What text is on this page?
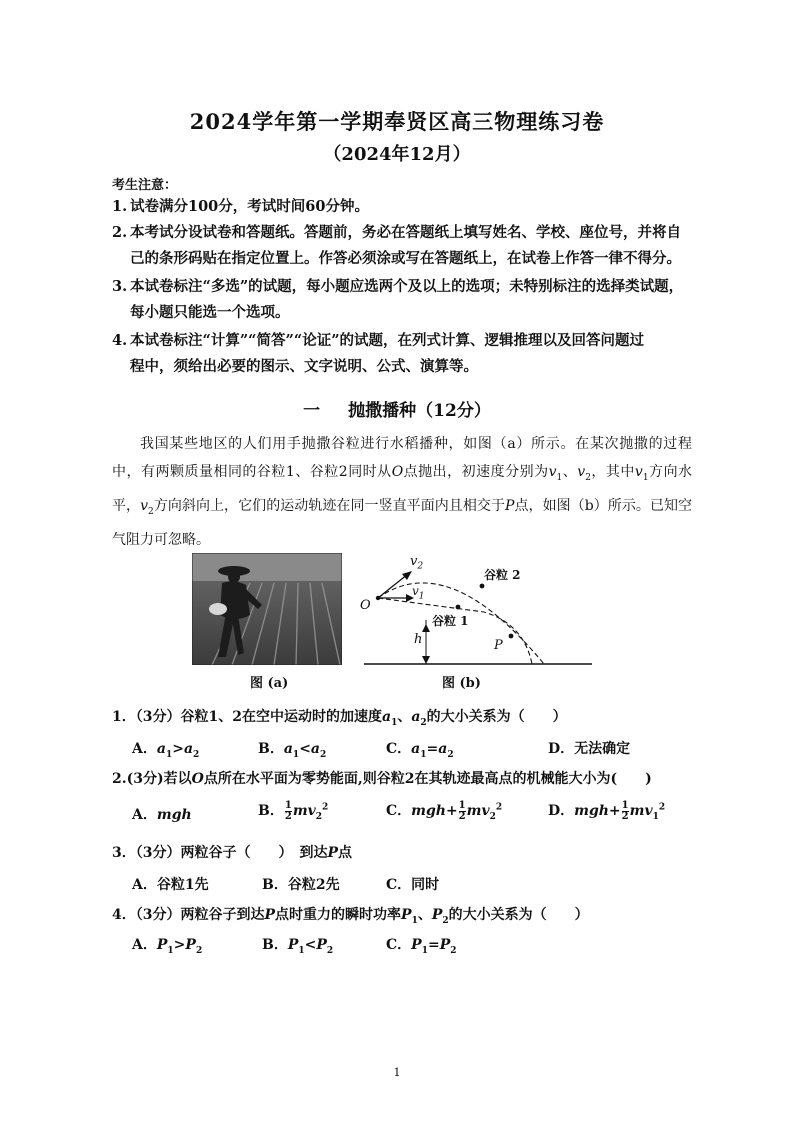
2024学年第一学期奉贤区高三物理练习卷
（2024年12月）
考生注意：
1. 试卷满分100分，考试时间60分钟。
2. 本考试分设试卷和答题纸。答题前，务必在答题纸上填写姓名、学校、座位号，并将自
己的条形码贴在指定位置上。作答必须涂或写在答题纸上，在试卷上作答一律不得分。
3. 本试卷标注“多选”的试题，每小题应选两个及以上的选项；未特别标注的选择类试题，
每小题只能选一个选项。
4. 本试卷标注“计算”“简答”“论证”的试题，在列式计算、逻辑推理以及回答问题过
程中，须给出必要的图示、文字说明、公式、演算等。
一 抛撒播种（12分）
我国某些地区的人们用手抛撒谷粒进行水稻播种，如图（a）所示。在某次抛撒的过程中，有两颗质量相同的谷粒1、谷粒2同时从O点抛出，初速度分别为$v_1$、$v_2$，其中$v_1$方向水平，$v_2$方向斜向上，它们的运动轨迹在同一竖直平面内且相交于P点，如图（b）所示。已知空气阻力可忽略。
图 (a)
$v_2$
$v_1$
O
h
谷粒 2
谷粒 1
P
图 (b)
1．（3分）谷粒1、2在空中运动时的加速度$a_1$、$a_2$的大小关系为（　　）
A．$a_1>a_2$	B．$a_1<a_2$	C．$a_1=a_2$	D．无法确定
2.(3分)若以O点所在水平面为零势能面,则谷粒2在其轨迹最高点的机械能大小为(　　)
A．mgh	B． $\frac{1}{2} mv_2^2$	C．$mgh+ \frac{1}{2} mv_2^2$	D．$mgh+ \frac{1}{2} mv_1^2$
3．（3分）两粒谷子（　　）　到达P点
A．谷粒1先	B．谷粒2先	C．同时
4．（3分）两粒谷子到达P点时重力的瞬时功率$P_1$、$P_2$的大小关系为（　　）
A．$P_1>P_2$	B．$P_1<P_2$	C．$P_1=P_2$
1
